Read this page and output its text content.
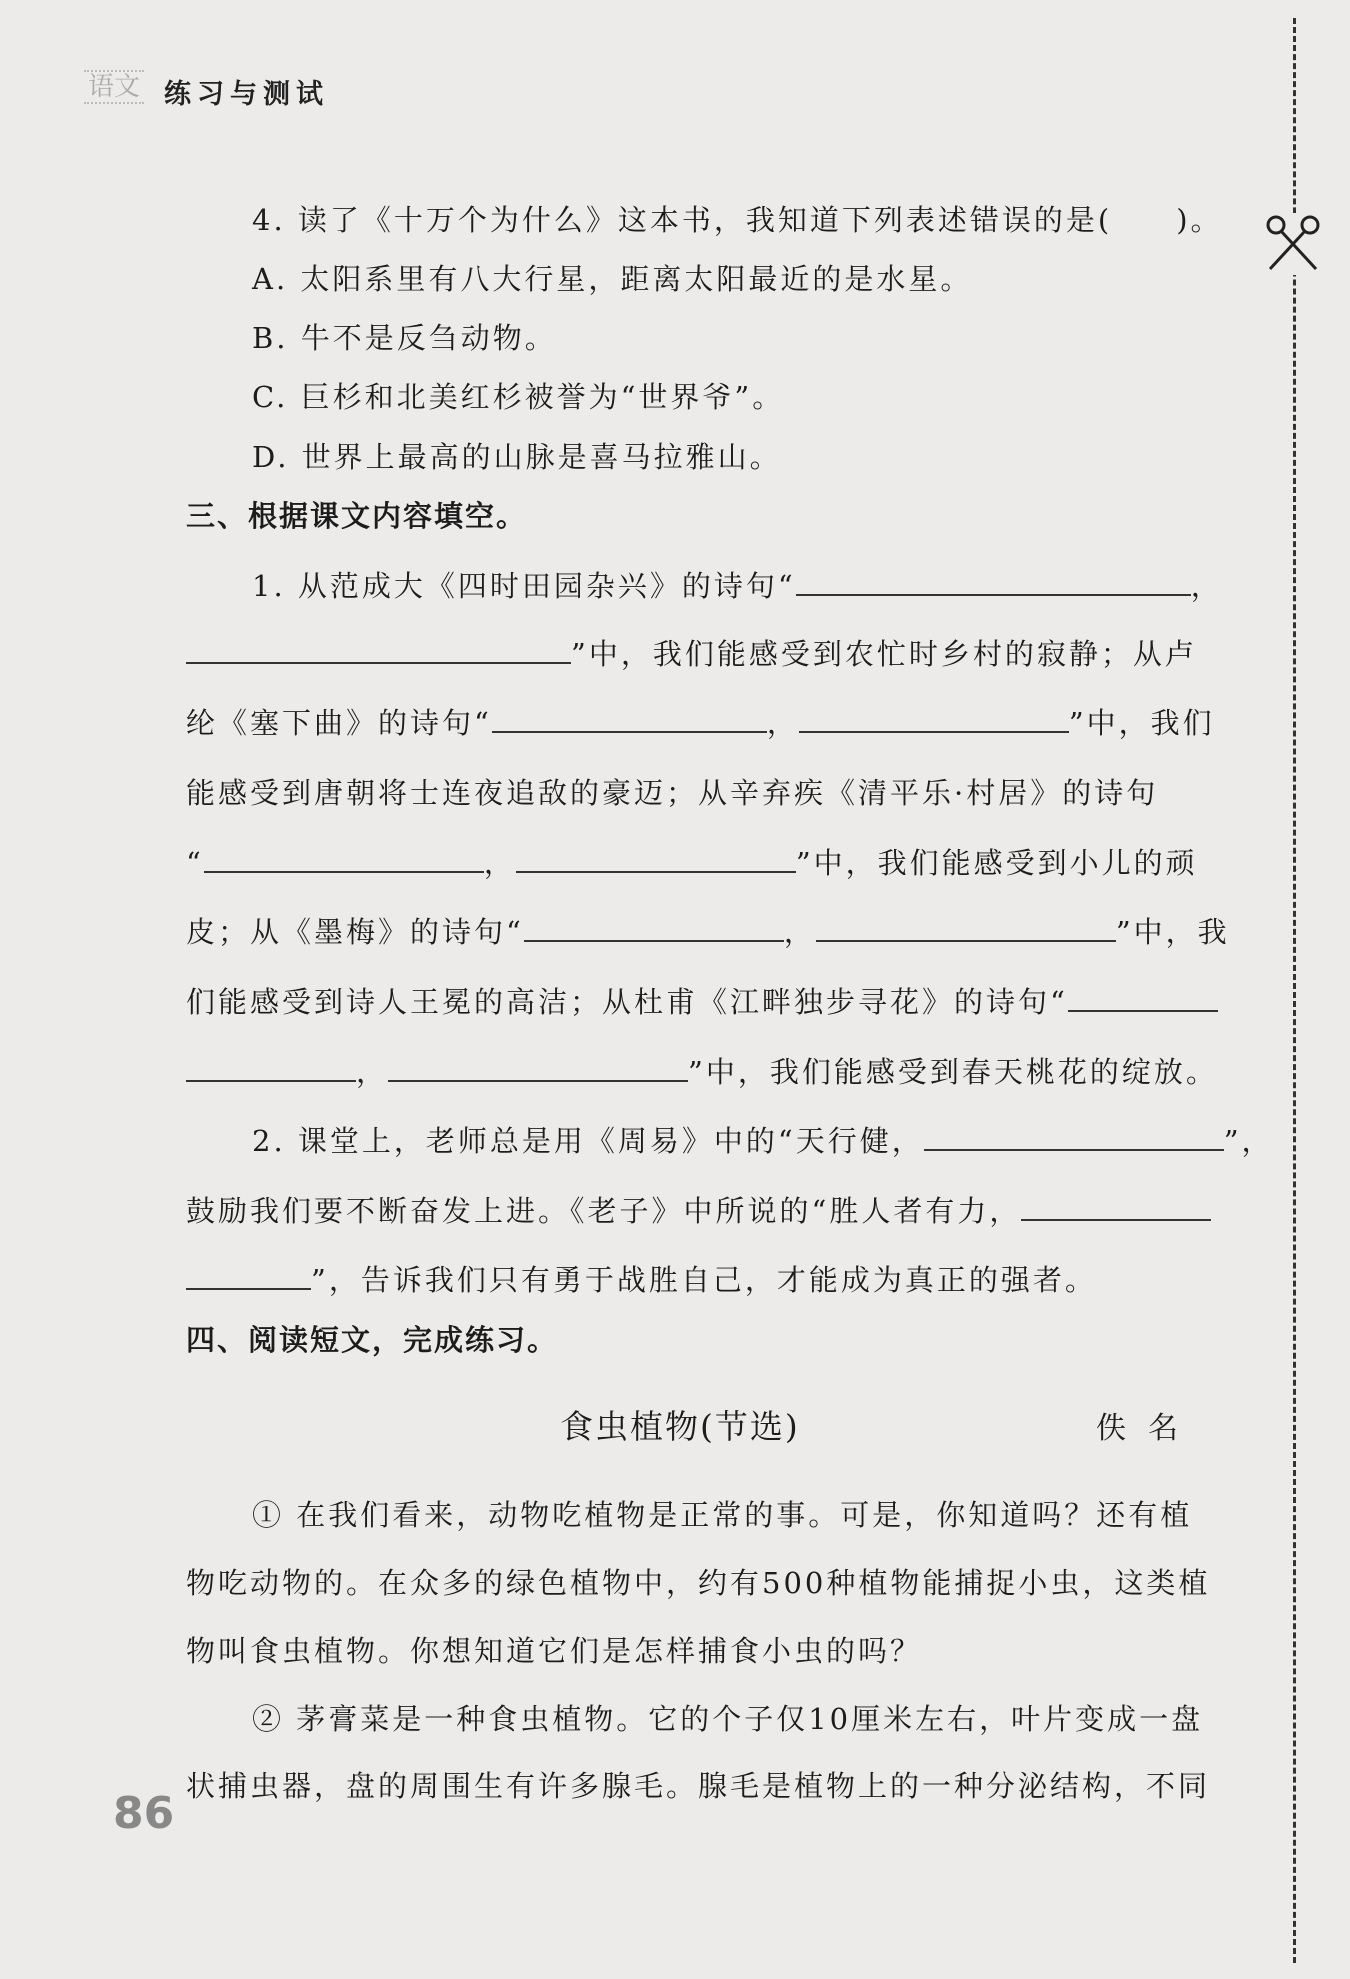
语文 练习与测试
4. 读了《十万个为什么》这本书，我知道下列表述错误的是(　　)。
A. 太阳系里有八大行星，距离太阳最近的是水星。
B. 牛不是反刍动物。
C. 巨杉和北美红杉被誉为“世界爷”。
D. 世界上最高的山脉是喜马拉雅山。
三、根据课文内容填空。
1. 从范成大《四时田园杂兴》的诗句“	，
”中，我们能感受到农忙时乡村的寂静；从卢
纶《塞下曲》的诗句“	，	”中，我们
能感受到唐朝将士连夜追敌的豪迈；从辛弃疾《清平乐·村居》的诗句
“	，	”中，我们能感受到小儿的顽
皮；从《墨梅》的诗句“	，	”中，我
们能感受到诗人王冕的高洁；从杜甫《江畔独步寻花》的诗句“
，	”中，我们能感受到春天桃花的绽放。
2. 课堂上，老师总是用《周易》中的“天行健，	”，
鼓励我们要不断奋发上进。《老子》中所说的“胜人者有力，
”，告诉我们只有勇于战胜自己，才能成为真正的强者。
四、阅读短文，完成练习。
食虫植物(节选)	佚名
① 在我们看来，动物吃植物是正常的事。可是，你知道吗？还有植
物吃动物的。在众多的绿色植物中，约有500种植物能捕捉小虫，这类植
物叫食虫植物。你想知道它们是怎样捕食小虫的吗？
② 茅膏菜是一种食虫植物。它的个子仅10厘米左右，叶片变成一盘
状捕虫器，盘的周围生有许多腺毛。腺毛是植物上的一种分泌结构，不同
86
